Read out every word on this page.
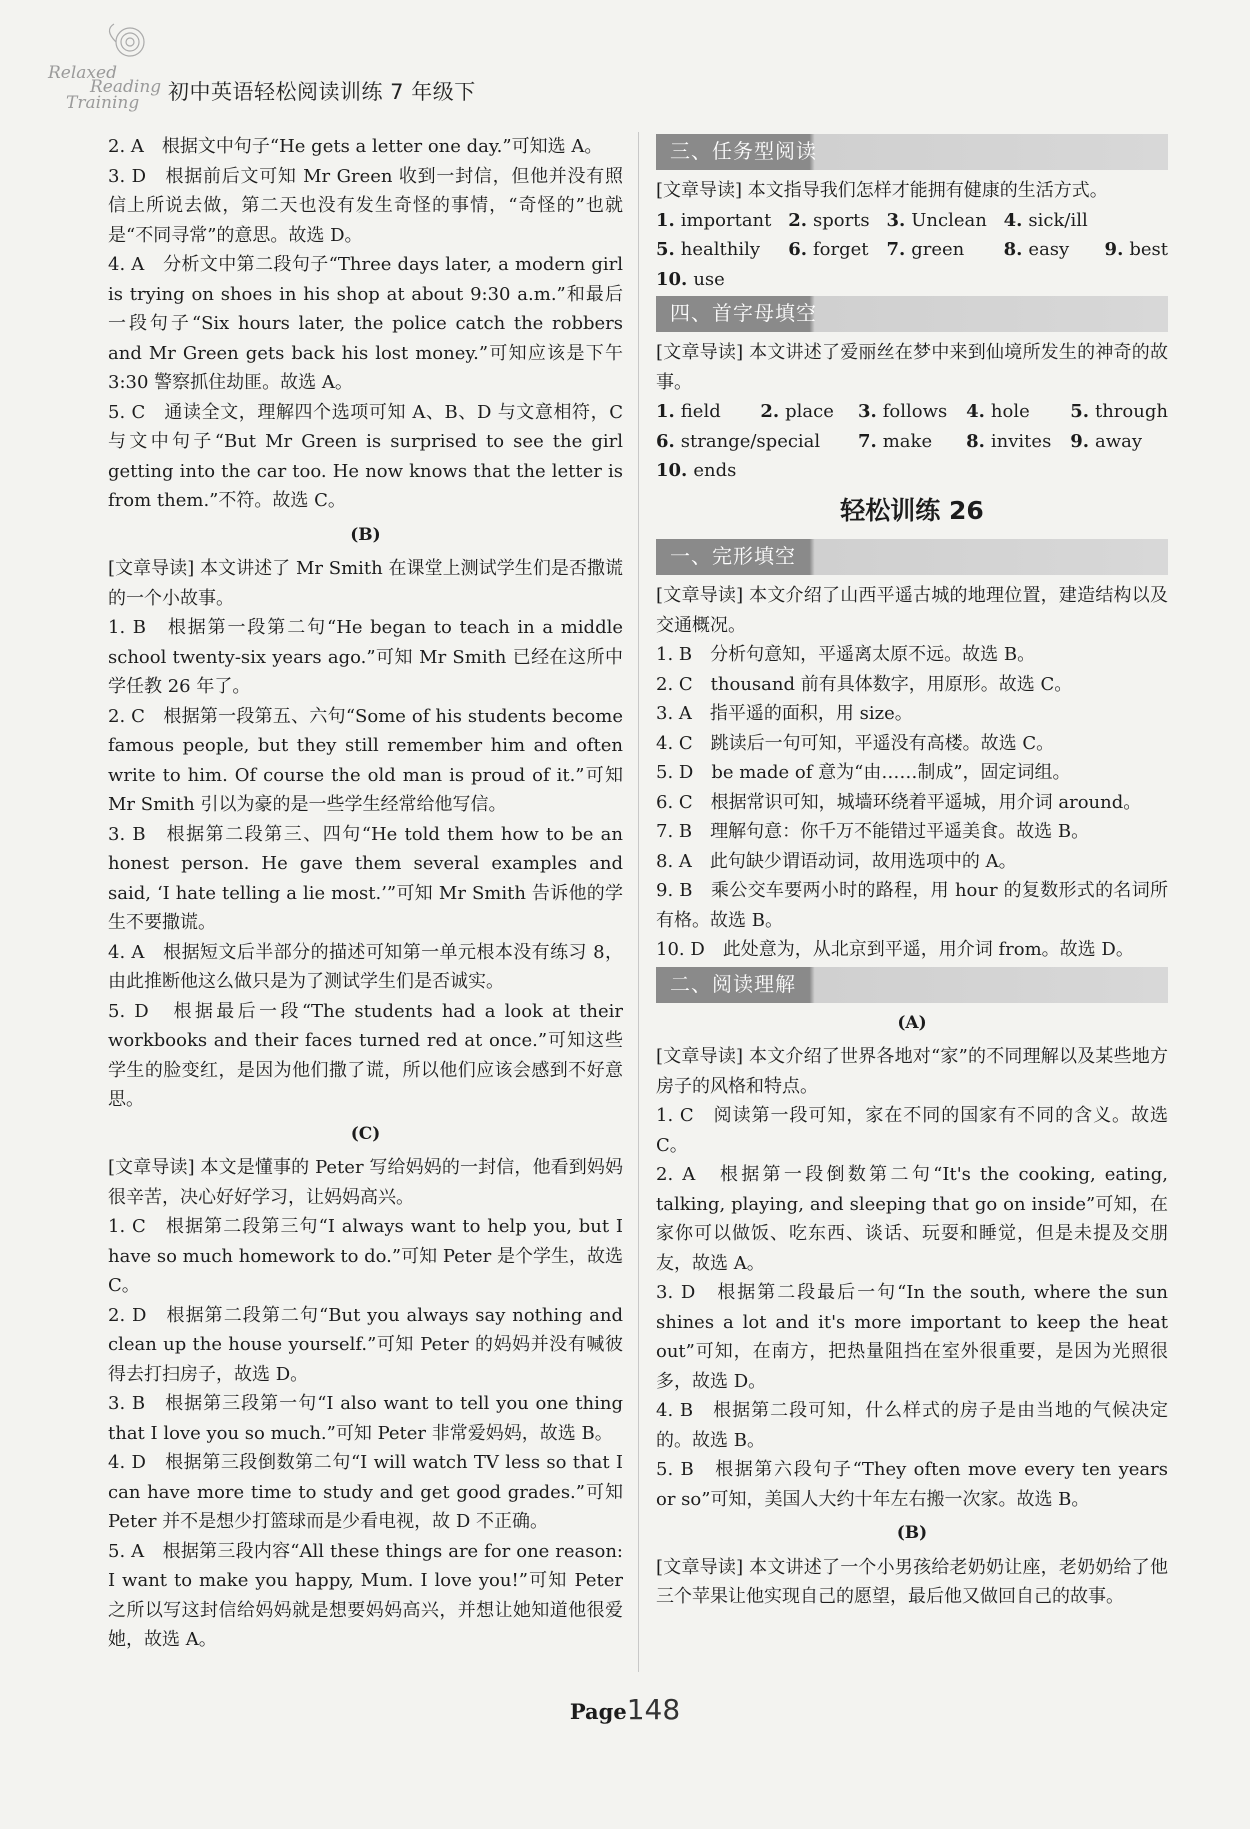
Relaxed
Reading
Training 初中英语轻松阅读训练 7 年级下

2. A　根据文中句子“He gets a letter one day.”可知选 A。

3. D　根据前后文可知 Mr Green 收到一封信，但他并没有照信上所说去做，第二天也没有发生奇怪的事情，“奇怪的”也就是“不同寻常”的意思。故选 D。

4. A　分析文中第二段句子“Three days later, a modern girl is trying on shoes in his shop at about 9:30 a.m.”和最后一段句子“Six hours later, the police catch the robbers and Mr Green gets back his lost money.”可知应该是下午 3:30 警察抓住劫匪。故选 A。

5. C　通读全文，理解四个选项可知 A、B、D 与文意相符，C 与文中句子“But Mr Green is surprised to see the girl getting into the car too. He now knows that the letter is from them.”不符。故选 C。

(B)

[文章导读] 本文讲述了 Mr Smith 在课堂上测试学生们是否撒谎的一个小故事。

1. B　根据第一段第二句“He began to teach in a middle school twenty-six years ago.”可知 Mr Smith 已经在这所中学任教 26 年了。

2. C　根据第一段第五、六句“Some of his students become famous people, but they still remember him and often write to him. Of course the old man is proud of it.”可知 Mr Smith 引以为豪的是一些学生经常给他写信。

3. B　根据第二段第三、四句“He told them how to be an honest person. He gave them several examples and said, ‘I hate telling a lie most.’”可知 Mr Smith 告诉他的学生不要撒谎。

4. A　根据短文后半部分的描述可知第一单元根本没有练习 8，由此推断他这么做只是为了测试学生们是否诚实。

5. D　根据最后一段“The students had a look at their workbooks and their faces turned red at once.”可知这些学生的脸变红，是因为他们撒了谎，所以他们应该会感到不好意思。

(C)

[文章导读] 本文是懂事的 Peter 写给妈妈的一封信，他看到妈妈很辛苦，决心好好学习，让妈妈高兴。

1. C　根据第二段第三句“I always want to help you, but I have so much homework to do.”可知 Peter 是个学生，故选 C。

2. D　根据第二段第二句“But you always say nothing and clean up the house yourself.”可知 Peter 的妈妈并没有喊彼得去打扫房子，故选 D。

3. B　根据第三段第一句“I also want to tell you one thing that I love you so much.”可知 Peter 非常爱妈妈，故选 B。

4. D　根据第三段倒数第二句“I will watch TV less so that I can have more time to study and get good grades.”可知 Peter 并不是想少打篮球而是少看电视，故 D 不正确。

5. A　根据第三段内容“All these things are for one reason: I want to make you happy, Mum. I love you!”可知 Peter 之所以写这封信给妈妈就是想要妈妈高兴，并想让她知道他很爱她，故选 A。

三、任务型阅读

[文章导读] 本文指导我们怎样才能拥有健康的生活方式。

1. important 2. sports 3. Unclean 4. sick/ill
5. healthily	6. forget 7. green	8. easy	9. best
10. use
四、首字母填空

[文章导读] 本文讲述了爱丽丝在梦中来到仙境所发生的神奇的故事。

1. field	2. place 3. follows 4. hole	5. through
6. strange/special	7. make	8. invites 9. away
10. ends
轻松训练 26
一、完形填空

[文章导读] 本文介绍了山西平遥古城的地理位置，建造结构以及交通概况。

1. B　分析句意知，平遥离太原不远。故选 B。

2. C　thousand 前有具体数字，用原形。故选 C。

3. A　指平遥的面积，用 size。

4. C　跳读后一句可知，平遥没有高楼。故选 C。

5. D　be made of 意为“由……制成”，固定词组。

6. C　根据常识可知，城墙环绕着平遥城，用介词 around。

7. B　理解句意：你千万不能错过平遥美食。故选 B。

8. A　此句缺少谓语动词，故用选项中的 A。

9. B　乘公交车要两小时的路程，用 hour 的复数形式的名词所有格。故选 B。

10. D　此处意为，从北京到平遥，用介词 from。故选 D。

二、阅读理解
(A)

[文章导读] 本文介绍了世界各地对“家”的不同理解以及某些地方房子的风格和特点。

1. C　阅读第一段可知，家在不同的国家有不同的含义。故选 C。

2. A　根据第一段倒数第二句“It's the cooking, eating, talking, playing, and sleeping that go on inside”可知，在家你可以做饭、吃东西、谈话、玩耍和睡觉，但是未提及交朋友，故选 A。

3. D　根据第二段最后一句“In the south, where the sun shines a lot and it's more important to keep the heat out”可知，在南方，把热量阻挡在室外很重要，是因为光照很多，故选 D。

4. B　根据第二段可知，什么样式的房子是由当地的气候决定的。故选 B。

5. B　根据第六段句子“They often move every ten years or so”可知，美国人大约十年左右搬一次家。故选 B。

(B)

[文章导读] 本文讲述了一个小男孩给老奶奶让座，老奶奶给了他三个苹果让他实现自己的愿望，最后他又做回自己的故事。

Page148
